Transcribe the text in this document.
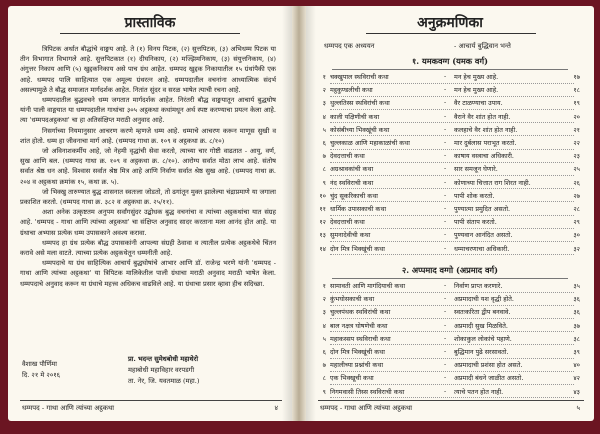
प्रास्ताविक

त्रिपिटक अर्थात बौद्धांचे वाङ्मय आहे. ते (१) विनय पिटक, (२) सुत्तपिटक, (३) अभिधम्म पिटक या तीन विभागात विभागले आहे. सुत्तपिटकात (१) दीघनिकाय, (२) मज्झिमनिकाय, (३) संयुत्तनिकाय, (४) अंगुत्तर निकाय आणि (५) खुद्दकनिकाय असे पाच ग्रंथ आहेत. धम्मपद खुद्दक निकायातील १५ ग्रंथांपैकी एक आहे. धम्मपद पालि साहित्यात एक अमूल्य ग्रंथरत्न आहे. धम्मपदातील वचनांना आध्यात्मिक संदर्भ असल्यामुळे ते बौद्ध समाजात मार्गदर्शक आहेत. नितांत सुंदर व सरळ भाषेत त्याची रचना आहे.

धम्मपदातील बुद्धवचने धम्म जगतात मार्गदर्शक आहेत. निरंतरी बौद्ध वाङ्मयातून आचार्य बुद्धघोष यांनी पाली वाङ्मयात या धम्मपदातील गाथांचा ३०५ अट्ठकथा कथांमधून अर्थ स्पष्ट करण्याचा प्रयत्न केला आहे. त्या 'धम्मपदअट्ठकथा' चा हा अतिसंक्षिप्त मराठी अनुवाद आहे.

निसर्गाच्या नियमानुसार आचरण करणे म्हणजे धम्म आहे. धम्माचे आचरण करून माणूस सुखी व शांत होतो. धम्म हा जीवनाचा मार्ग आहे. (धम्मपद गाथा क्र. १०९ व अट्ठकथा क्र. ८/१०)

जो अविनाशकर्मीय आहे, जो नेहमी वृद्धांची सेवा करतो, त्याच्या चार गोष्टी वाढतात - आयु, वर्ण, सुख आणि बल. (धम्मपद गाथा क्र. १०९ व अट्ठकथा क्र. ८/१०). आरोग्य सर्वात मोठा लाभ आहे. संतोष सर्वात श्रेष्ठ धन आहे. विश्वास सर्वात श्रेष्ठ मित्र आहे आणि निर्वाण सर्वात श्रेष्ठ सुख आहे. (धम्मपद गाथा क्र. २०४ व अट्ठकथा क्रमांक १५, कथा क्र. ५).

जो भिक्खु तारुण्यात बुद्ध शासनात स्वतःला जोडतो, तो ढगांतून मुक्त झालेल्या चंद्राप्रमाणे या जगाला प्रकाशित करतो. (धम्मपद गाथा क्र. ३८२ व अट्ठकथा क्र. २५/११).

अशा अनेक उत्कृष्टतम अनुपम सर्वांगसुंदर उद्बोधक बुद्ध वचनांचा व त्यांच्या अट्ठकथांचा यात संग्रह आहे. 'धम्मपद - गाथा आणि त्यांच्या अट्ठकथा' चा संक्षिप्त अनुवाद सादर करताना मला आनंद होत आहे. या ग्रंथाचा अभ्यास प्रत्येक धम्म उपासकाने अवश्य करावा.

धम्मपद हा ग्रंथ प्रत्येक बौद्ध उपासकांनी आपल्या संग्रही ठेवावा व त्यातील प्रत्येक अट्ठकथेचे चिंतन करावे असे मला वाटते. त्याच्या प्रत्येक अट्ठकथेतून धम्मनीती आहे.

धम्मपदाचे या ग्रंथ साहित्यिक आचार्य बुद्धघोषांचे आभार आणि डॉ. राजेन्द्र भरणे यांनी 'धम्मपद - गाथा आणि त्यांच्या अट्ठकथा' या त्रिपिटक मालिकेतील पाली ग्रंथाचा मराठी अनुवाद मराठी भाषेत केला. धम्मपदाचे अनुवाद करून या ग्रंथाचे महत्त्व अधिकच वाढविले आहे. या ग्रंथाचा प्रसार व्हावा हीच सदिच्छा.

वैशाख पौर्णिमा
दि. २१ मे २०१६
प्रा. भदन्त सुमेधबोधी महाथेरो
महाबोधी महाविहार वरपडगी
ता. नेर, जि. यवतमाळ (महा.)
धम्मपद - गाथा आणि त्यांच्या अट्ठकथा	४
अनुक्रमणिका
धम्मपद एक अध्ययन	- आचार्य बुद्धिवान भन्ते
१. यमकवग्ग (यमक वर्ग)
१ चक्खुपाल स्थविराची कथा	-	मन हेच मुख्य आहे.	१७
२ मट्ठकुण्डलीची कथा	-	मन हेच मुख्य आहे.	१८
३ थुल्लतिस्स स्थविरांची कथा	-	वैर टाळण्याचा उपाय.	१९
४ काली यक्षिणीची कथा	-	वैराने वैर शांत होत नाही.	२०
५ कोसंबीच्या भिक्खूंची कथा	-	कलहाचे वैर शांत होत नाही.	२१
६ चुल्लकाळ आणि महाकाळांची कथा	-	मार दुर्बलास पराभूत करतो.	२२
७ देवदत्ताची कथा	-	काषाय वस्त्राचा अधिकारी.	२३
८ अग्रश्रावकांची कथा	-	सार समजून घेणारे.	२५
९ नंद स्थविराची कथा	-	कोणाच्या चित्तात राग शिरत नाही.	२६
१० चुंद सूकरिकाची कथा	-	पापी शोक करतो.	२७
११ धार्मिक उपासकाची कथा	-	पुण्यात्मा प्रमुदित असतो.	२८
१२ देवदत्ताची कथा	-	पापी संताप करतो.	२९
१३ सुमनादेवीची कथा	-	पुण्यवान आनंदित असतो.	३०
१४ दोन मित्र भिक्खूंची कथा	-	धम्माचरणाचा अधिकारी.	३२
२. अप्पमाद वग्गो (अप्रमाद वर्ग)
१ सामावती आणि मागंदियाची कथा	-	निर्वाण प्राप्त करणारे.	३५
२ कुंभघोसकाची कथा	-	अप्रमादाची यश वृद्धी होते.	३६
३ चुल्लपंथक स्थविरांची कथा	-	स्वतःकरिता द्वीप बनवावे.	३६
४ बाल नक्षत्र घोषणेची कथा	-	अप्रमादी सुख मिळविते.	३७
५ महाकस्सप स्थविराची कथा	-	शोकाकुल लोकांचे पहाणे.	३८
६ दोन मित्र भिक्खूंची कथा	-	बुद्धिमान पुढे सरसावतो.	३९
७ महालीच्या प्रश्नांची कथा	-	अप्रमादाची प्रशंसा होत असते.	४०
८ एक भिक्खूची कथा	-	अप्रमादी बंधने जाळीत असतो.	४२
९ निगमवासी तिस्स स्थविराची कथा	-	त्याचे पतन होत नाही.	४३
धम्मपद - गाथा आणि त्यांच्या अट्ठकथा	५
